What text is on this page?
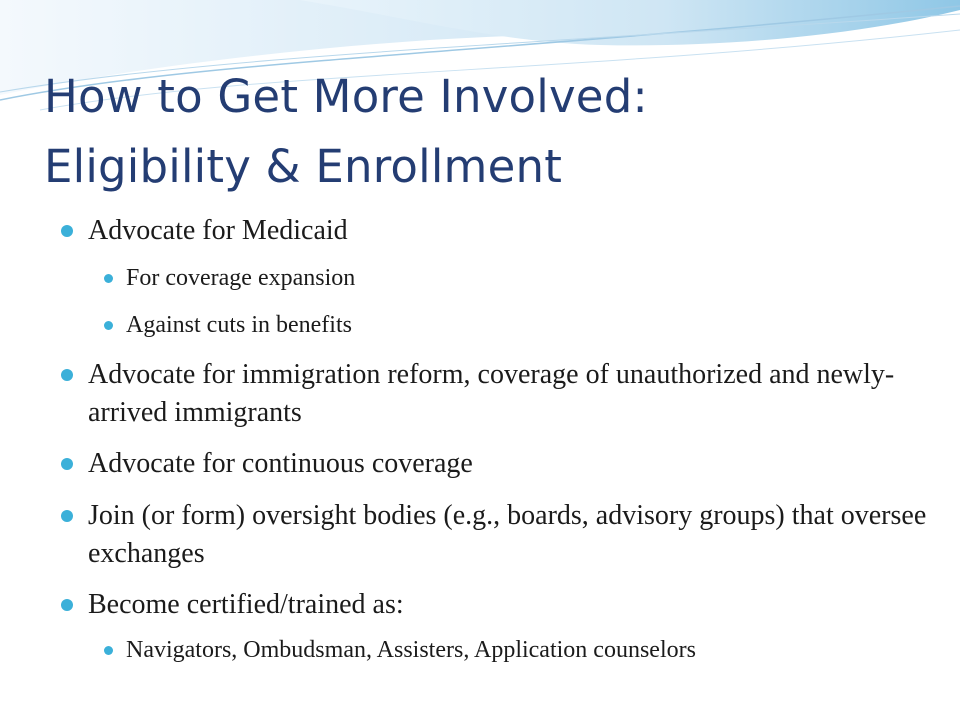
How to Get More Involved:
Eligibility & Enrollment
Advocate for Medicaid
For coverage expansion
Against cuts in benefits
Advocate for immigration reform, coverage of unauthorized and newly-arrived immigrants
Advocate for continuous coverage
Join (or form) oversight bodies (e.g., boards, advisory groups) that oversee exchanges
Become certified/trained as:
Navigators, Ombudsman, Assisters, Application counselors
